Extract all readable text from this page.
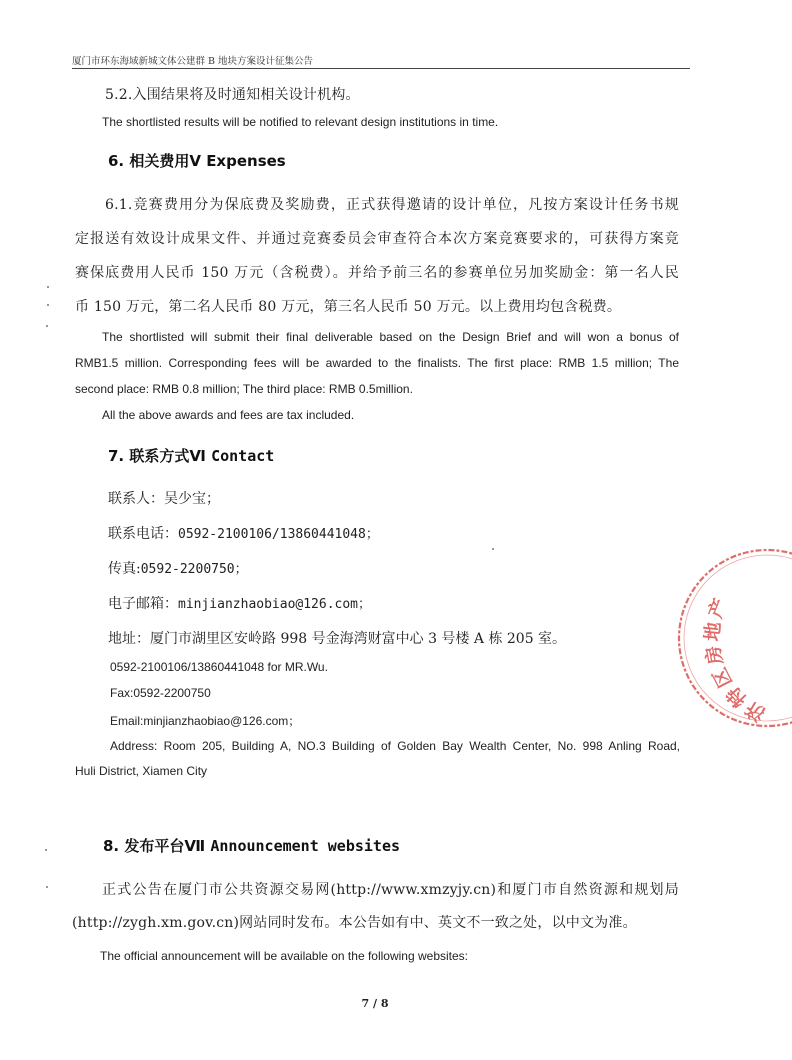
厦门市环东海域新城文体公建群 B 地块方案设计征集公告
5.2.入围结果将及时通知相关设计机构。
The shortlisted results will be notified to relevant design institutions in time.
6. 相关费用Ⅴ Expenses
6.1.竞赛费用分为保底费及奖励费，正式获得邀请的设计单位，凡按方案设计任务书规
定报送有效设计成果文件、并通过竞赛委员会审查符合本次方案竞赛要求的，可获得方案竞
赛保底费用人民币 150 万元（含税费）。并给予前三名的参赛单位另加奖励金：第一名人民
币 150 万元，第二名人民币 80 万元，第三名人民币 50 万元。以上费用均包含税费。
The shortlisted will submit their final deliverable based on the Design Brief and will won a bonus of
RMB1.5 million. Corresponding fees will be awarded to the finalists. The first place: RMB 1.5 million; The
second place: RMB 0.8 million; The third place: RMB 0.5million.
All the above awards and fees are tax included.
7. 联系方式Ⅵ Contact
联系人：吴少宝；
联系电话：0592-2100106/13860441048；
传真:0592-2200750；
电子邮箱：minjianzhaobiao@126.com；
地址：厦门市湖里区安岭路 998 号金海湾财富中心 3 号楼 A 栋 205 室。
0592-2100106/13860441048 for MR.Wu.
Fax:0592-2200750
Email:minjianzhaobiao@126.com；
Address: Room 205, Building A, NO.3 Building of Golden Bay Wealth Center, No. 998 Anling Road,
Huli District, Xiamen City
8. 发布平台Ⅶ Announcement websites
正式公告在厦门市公共资源交易网(http://www.xmzyjy.cn)和厦门市自然资源和规划局
(http://zygh.xm.gov.cn)网站同时发布。本公告如有中、英文不一致之处，以中文为准。
The official announcement will be available on the following websites:
7 / 8
济特区房地产
